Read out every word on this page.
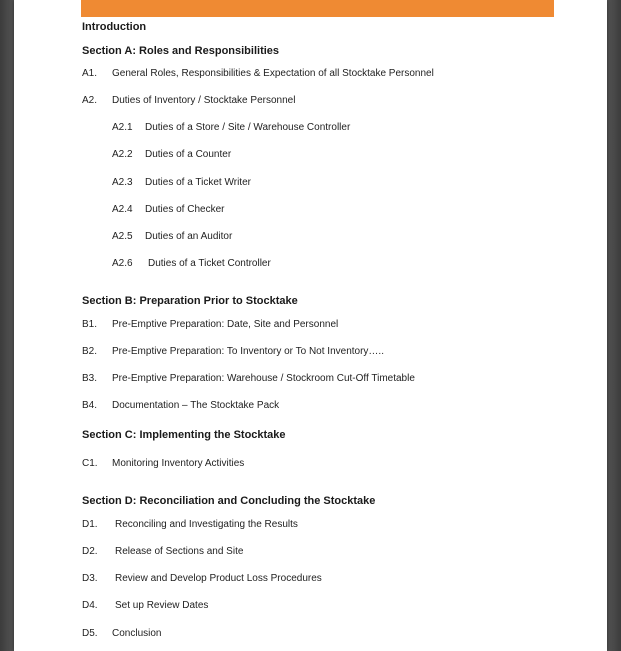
Introduction
Section A: Roles and Responsibilities
A1. General Roles, Responsibilities & Expectation of all Stocktake Personnel
A2. Duties of Inventory / Stocktake Personnel
A2.1 Duties of a Store / Site / Warehouse Controller
A2.2 Duties of a Counter
A2.3 Duties of a Ticket Writer
A2.4 Duties of Checker
A2.5 Duties of an Auditor
A2.6 Duties of a Ticket Controller
Section B: Preparation Prior to Stocktake
B1. Pre-Emptive Preparation: Date, Site and Personnel
B2. Pre-Emptive Preparation: To Inventory or To Not Inventory…..
B3. Pre-Emptive Preparation: Warehouse / Stockroom Cut-Off Timetable
B4. Documentation – The Stocktake Pack
Section C: Implementing the Stocktake
C1. Monitoring Inventory Activities
Section D: Reconciliation and Concluding the Stocktake
D1. Reconciling and Investigating the Results
D2. Release of Sections and Site
D3. Review and Develop Product Loss Procedures
D4. Set up Review Dates
D5. Conclusion
